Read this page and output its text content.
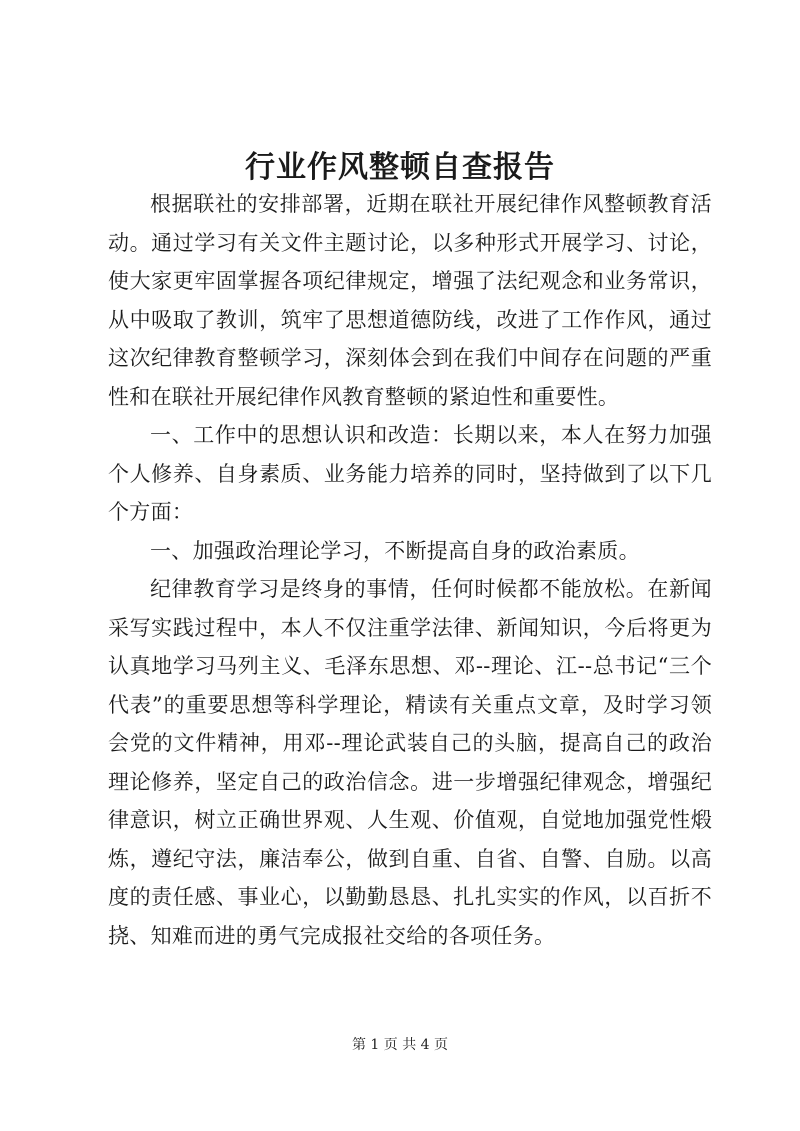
行业作风整顿自查报告

根据联社的安排部署，近期在联社开展纪律作风整顿教育活动。通过学习有关文件主题讨论，以多种形式开展学习、讨论，使大家更牢固掌握各项纪律规定，增强了法纪观念和业务常识，从中吸取了教训，筑牢了思想道德防线，改进了工作作风，通过这次纪律教育整顿学习，深刻体会到在我们中间存在问题的严重性和在联社开展纪律作风教育整顿的紧迫性和重要性。

一、工作中的思想认识和改造：长期以来，本人在努力加强个人修养、自身素质、业务能力培养的同时，坚持做到了以下几个方面：

一、加强政治理论学习，不断提高自身的政治素质。

纪律教育学习是终身的事情，任何时候都不能放松。在新闻采写实践过程中，本人不仅注重学法律、新闻知识，今后将更为认真地学习马列主义、毛泽东思想、邓--理论、江--总书记“三个代表”的重要思想等科学理论，精读有关重点文章，及时学习领会党的文件精神，用邓--理论武装自己的头脑，提高自己的政治理论修养，坚定自己的政治信念。进一步增强纪律观念，增强纪律意识，树立正确世界观、人生观、价值观，自觉地加强党性煅炼，遵纪守法，廉洁奉公，做到自重、自省、自警、自励。以高度的责任感、事业心，以勤勤恳恳、扎扎实实的作风，以百折不挠、知难而进的勇气完成报社交给的各项任务。

第 1 页 共 4 页
